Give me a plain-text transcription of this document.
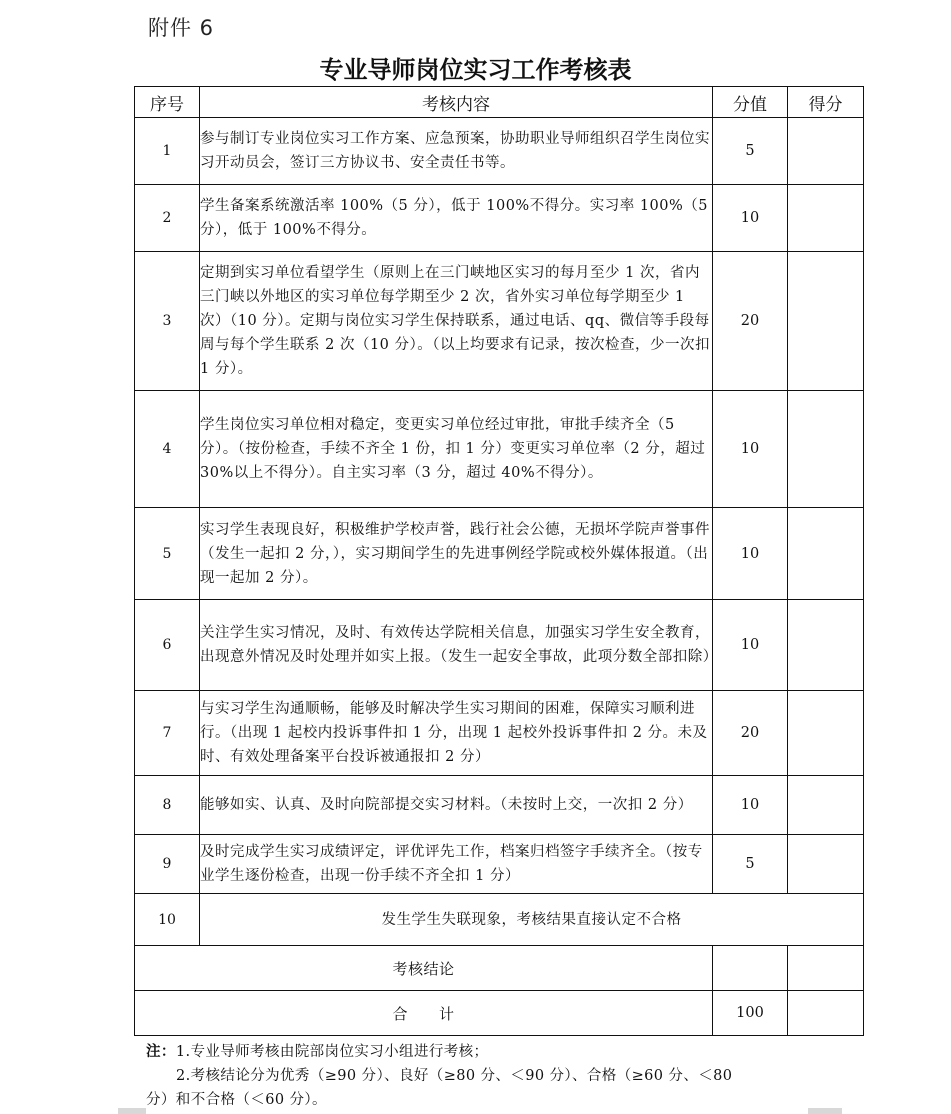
附件 6
专业导师岗位实习工作考核表
序号	考核内容	分值	得分
1	参与制订专业岗位实习工作方案、应急预案，协助职业导师组织召学生岗位实习开动员会，签订三方协议书、安全责任书等。	5	
2	学生备案系统激活率 100%（5 分），低于 100%不得分。实习率 100%（5 分），低于 100%不得分。	10	
3	定期到实习单位看望学生（原则上在三门峡地区实习的每月至少 1 次，省内三门峡以外地区的实习单位每学期至少 2 次，省外实习单位每学期至少 1 次）（10 分）。定期与岗位实习学生保持联系，通过电话、qq、微信等手段每周与每个学生联系 2 次（10 分）。（以上均要求有记录，按次检查，少一次扣 1 分）。	20	
4	学生岗位实习单位相对稳定，变更实习单位经过审批，审批手续齐全（5 分）。（按份检查，手续不齐全 1 份，扣 1 分）变更实习单位率（2 分，超过 30%以上不得分）。自主实习率（3 分，超过 40%不得分）。	10	
5	实习学生表现良好，积极维护学校声誉，践行社会公德，无损坏学院声誉事件（发生一起扣 2 分，），实习期间学生的先进事例经学院或校外媒体报道。（出现一起加 2 分）。	10	
6	关注学生实习情况，及时、有效传达学院相关信息，加强实习学生安全教育，出现意外情况及时处理并如实上报。（发生一起安全事故，此项分数全部扣除）	10	
7	与实习学生沟通顺畅，能够及时解决学生实习期间的困难，保障实习顺利进行。（出现 1 起校内投诉事件扣 1 分，出现 1 起校外投诉事件扣 2 分。未及时、有效处理备案平台投诉被通报扣 2 分）	20	
8	能够如实、认真、及时向院部提交实习材料。（未按时上交，一次扣 2 分）	10	
9	及时完成学生实习成绩评定，评优评先工作，档案归档签字手续齐全。（按专业学生逐份检查，出现一份手续不齐全扣 1 分）	5	
10	发生学生失联现象，考核结果直接认定不合格		
考核结论			
合　　计		100	
注：1.专业导师考核由院部岗位实习小组进行考核；
2.考核结论分为优秀（≥90 分）、良好（≥80 分、＜90 分）、合格（≥60 分、＜80
分）和不合格（＜60 分）。
